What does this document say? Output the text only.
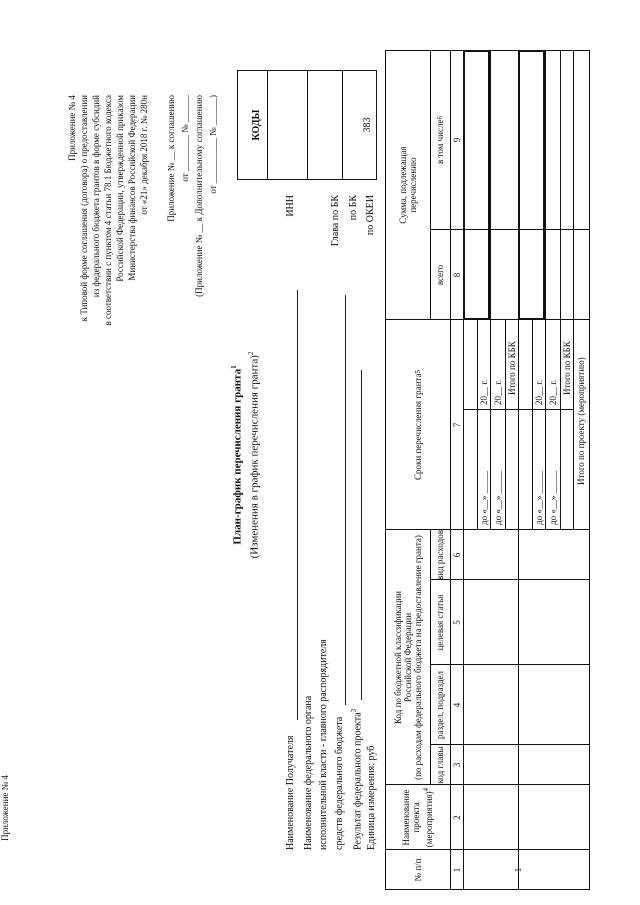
Приложение № 4
Приложение № 4 к Типовой форме соглашения (договора) о предоставлении из федерального бюджета грантов в форме субсидий в соответствии с пунктом 4 статьи 78.1 Бюджетного кодекса Российской Федерации, утвержденной приказом Министерства финансов Российской Федерации от «21» декабря 2018 г. № 280н Приложение № __ к соглашению от ________ № ______ (Приложение № __ к Дополнительному соглашению от __________ № ______)
План-график перечисления гранта$^1$ (Изменения в график перечисления гранта)$^2$
КОДЫ
Наименование Получателя
ИНН
Наименование федерального органа исполнительной власти - главного распорядителя средств федерального бюджета
Глава по БК
Результат федерального проекта$^3$
по БК
Единица измерения: руб
по ОКЕИ
383
№ п/п
Наименование проекта (мероприятия)$^4$
Код по бюджетной классификации Российской Федерации (по расходам федерального бюджета на предоставление гранта)	код главы
раздел, подраздел
целевая статья
вид расходов
Сроки перечисления гранта
5
Сумма, подлежащая перечислению
всего
в том числе
6
1
2
3
4
5
6
7
8
9
1
до «__» _____
20__ г.
до «__» _____
20__ г. Итого по КБК
до «__» _____
20__ г.
до «__» _____
20__ г. Итого по КБК Итого по проекту (мероприятию)
